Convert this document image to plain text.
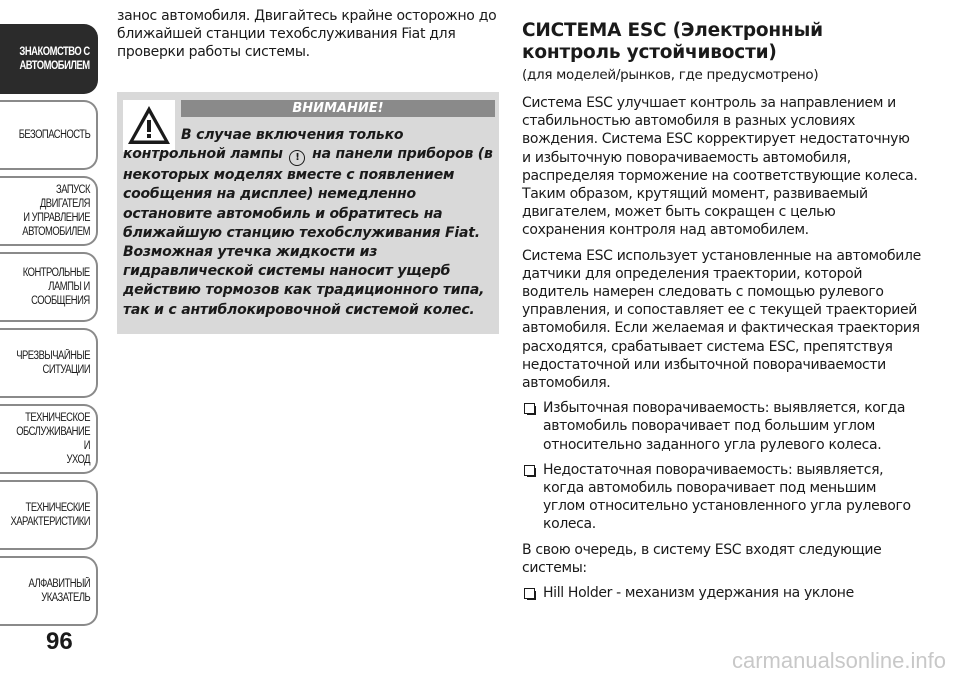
ЗНАКОМСТВО С
АВТОМОБИЛЕМ
БЕЗОПАСНОСТЬ
ЗАПУСК ДВИГАТЕЛЯ
И УПРАВЛЕНИЕ
АВТОМОБИЛЕМ
КОНТРОЛЬНЫЕ
ЛАМПЫ И
СООБЩЕНИЯ
ЧРЕЗВЫЧАЙНЫЕ
СИТУАЦИИ
ТЕХНИЧЕСКОЕ
ОБСЛУЖИВАНИЕ И
УХОД
ТЕХНИЧЕСКИЕ
ХАРАКТЕРИСТИКИ
АЛФАВИТНЫЙ
УКАЗАТЕЛЬ
96

занос автомобиля. Двигайтесь крайне осторожно до ближайшей станции техобслуживания Fiat для проверки работы системы.

ВНИМАНИЕ!

В случае включения только контрольной лампы ! на панели приборов (в некоторых моделях вместе с появлением сообщения на дисплее) немедленно остановите автомобиль и обратитесь на ближайшую станцию техобслуживания Fiat. Возможная утечка жидкости из гидравлической системы наносит ущерб действию тормозов как традиционного типа, так и с антиблокировочной системой колес.

СИСТЕМА ESC (Электронный
контроль устойчивости)

(для моделей/рынков, где предусмотрено)

Система ESC улучшает контроль за направлением и стабильностью автомобиля в разных условиях вождения. Система ESC корректирует недостаточную и избыточную поворачиваемость автомобиля, распределяя торможение на соответствующие колеса. Таким образом, крутящий момент, развиваемый двигателем, может быть сокращен с целью сохранения контроля над автомобилем.

Система ESC использует установленные на автомобиле датчики для определения траектории, которой водитель намерен следовать с помощью рулевого управления, и сопоставляет ее с текущей траекторией автомобиля. Если желаемая и фактическая траектория расходятся, срабатывает система ESC, препятствуя недостаточной или избыточной поворачиваемости автомобиля.

Избыточная поворачиваемость: выявляется, когда автомобиль поворачивает под большим углом относительно заданного угла рулевого колеса.
Недостаточная поворачиваемость: выявляется, когда автомобиль поворачивает под меньшим углом относительно установленного угла рулевого колеса.

В свою очередь, в систему ESC входят следующие системы:

Hill Holder - механизм удержания на уклоне
carmanualsonline.info
